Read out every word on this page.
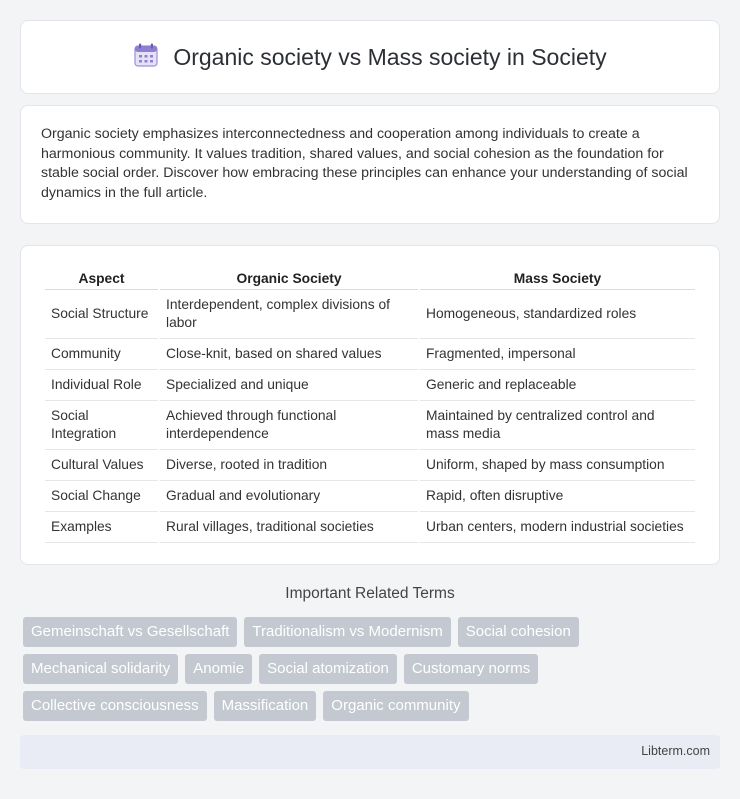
Organic society vs Mass society in Society

Organic society emphasizes interconnectedness and cooperation among individuals to create a harmonious community. It values tradition, shared values, and social cohesion as the foundation for stable social order. Discover how embracing these principles can enhance your understanding of social dynamics in the full article.

Aspect	Organic Society	Mass Society
Social Structure	Interdependent, complex divisions of labor	Homogeneous, standardized roles
Community	Close-knit, based on shared values	Fragmented, impersonal
Individual Role	Specialized and unique	Generic and replaceable
Social Integration	Achieved through functional interdependence	Maintained by centralized control and mass media
Cultural Values	Diverse, rooted in tradition	Uniform, shaped by mass consumption
Social Change	Gradual and evolutionary	Rapid, often disruptive
Examples	Rural villages, traditional societies	Urban centers, modern industrial societies
Important Related Terms
Gemeinschaft vs Gesellschaft	Traditionalism vs Modernism	Social cohesion
Mechanical solidarity	Anomie	Social atomization	Customary norms
Collective consciousness	Massification	Organic community
Libterm.com
